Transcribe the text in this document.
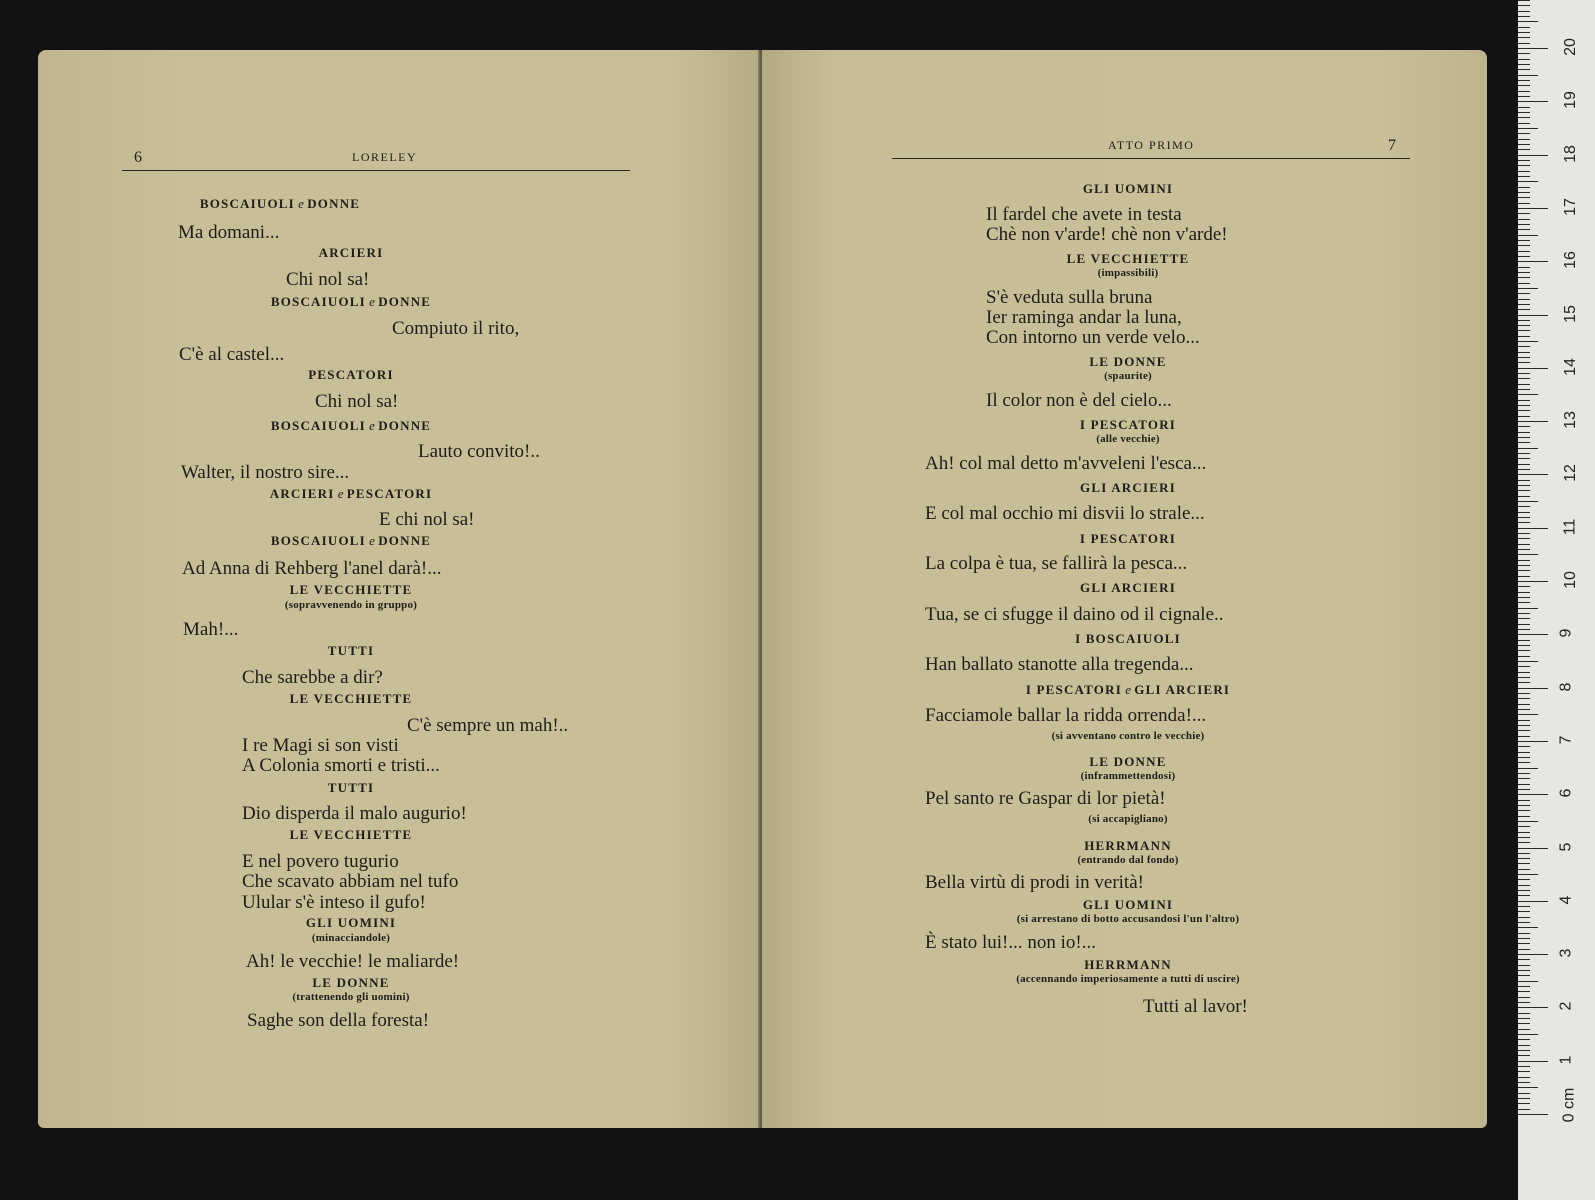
6	LORELEY
BOSCAIUOLI e DONNE
Ma domani...
ARCIERI
Chi nol sa!
BOSCAIUOLI e DONNE
Compiuto il rito,
C'è al castel...
PESCATORI
Chi nol sa!
BOSCAIUOLI e DONNE
Lauto convito!..
Walter, il nostro sire...
ARCIERI e PESCATORI
E chi nol sa!
BOSCAIUOLI e DONNE
Ad Anna di Rehberg l'anel darà!...
LE VECCHIETTE
(sopravvenendo in gruppo)
Mah!...
TUTTI
Che sarebbe a dir?
LE VECCHIETTE
C'è sempre un mah!..
I re Magi si son visti
A Colonia smorti e tristi...
TUTTI
Dio disperda il malo augurio!
LE VECCHIETTE
E nel povero tugurio
Che scavato abbiam nel tufo
Ulular s'è inteso il gufo!
GLI UOMINI
(minacciandole)
Ah! le vecchie! le maliarde!
LE DONNE
(trattenendo gli uomini)
Saghe son della foresta!
ATTO PRIMO	7
GLI UOMINI
Il fardel che avete in testa
Chè non v'arde! chè non v'arde!
LE VECCHIETTE
(impassibili)
S'è veduta sulla bruna
Ier raminga andar la luna,
Con intorno un verde velo...
LE DONNE
(spaurite)
Il color non è del cielo...
I PESCATORI
(alle vecchie)
Ah! col mal detto m'avveleni l'esca...
GLI ARCIERI
E col mal occhio mi disvii lo strale...
I PESCATORI
La colpa è tua, se fallirà la pesca...
GLI ARCIERI
Tua, se ci sfugge il daino od il cignale..
I BOSCAIUOLI
Han ballato stanotte alla tregenda...
I PESCATORI e GLI ARCIERI
Facciamole ballar la ridda orrenda!...
(si avventano contro le vecchie)
LE DONNE
(inframmettendosi)
Pel santo re Gaspar di lor pietà!
(si accapigliano)
HERRMANN
(entrando dal fondo)
Bella virtù di prodi in verità!
GLI UOMINI
(si arrestano di botto accusandosi l'un l'altro)
È stato lui!... non io!...
HERRMANN
(accennando imperiosamente a tutti di uscire)
Tutti al lavor!
0 cm
1
2
3
4
5
6
7
8
9
10
11
12
13
14
15
16
17
18
19
20
